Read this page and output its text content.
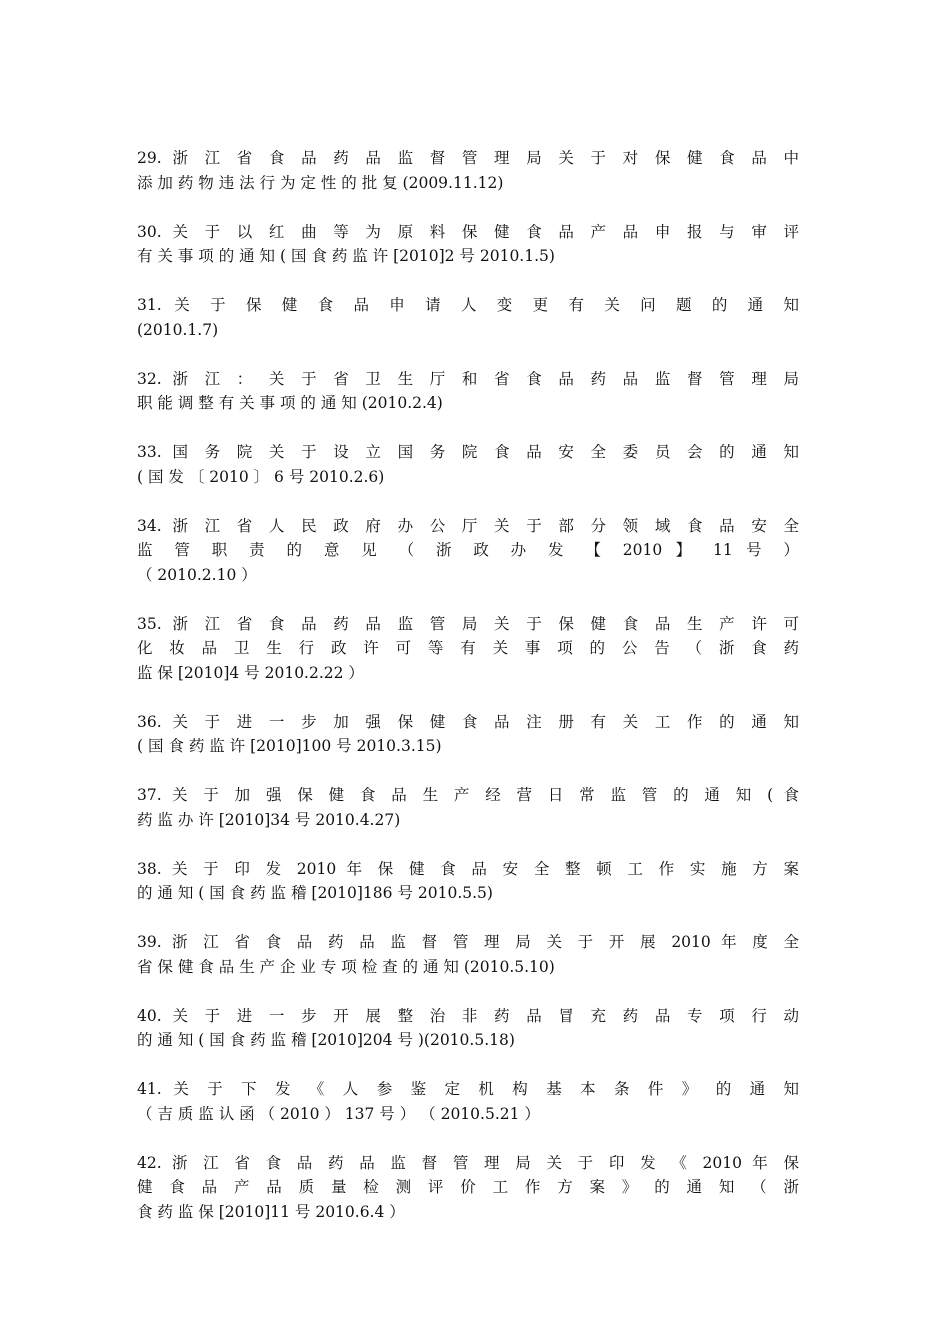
29. 浙 江 省 食 品 药 品 监 督 管 理 局 关 于 对 保 健 食 品 中
添 加 药 物 违 法 行 为 定 性 的 批 复 (2009.11.12)
30. 关 于 以 红 曲 等 为 原 料 保 健 食 品 产 品 申 报 与 审 评
有 关 事 项 的 通 知 ( 国 食 药 监 许 [2010]2 号 2010.1.5)
31. 关 于 保 健 食 品 申 请 人 变 更 有 关 问 题 的 通 知
(2010.1.7)
32. 浙 江 ： 关 于 省 卫 生 厅 和 省 食 品 药 品 监 督 管 理 局
职 能 调 整 有 关 事 项 的 通 知 (2010.2.4)
33. 国 务 院 关 于 设 立 国 务 院 食 品 安 全 委 员 会 的 通 知
( 国 发 〔 2010 〕 6 号 2010.2.6)
34. 浙 江 省 人 民 政 府 办 公 厅 关 于 部 分 领 域 食 品 安 全
监 管 职 责 的 意 见 （ 浙 政 办 发 【 2010 】 11 号 ）
（ 2010.2.10 ）
35. 浙 江 省 食 品 药 品 监 管 局 关 于 保 健 食 品 生 产 许 可
化 妆 品 卫 生 行 政 许 可 等 有 关 事 项 的 公 告 （ 浙 食 药
监 保 [2010]4 号 2010.2.22 ）
36. 关 于 进 一 步 加 强 保 健 食 品 注 册 有 关 工 作 的 通 知
( 国 食 药 监 许 [2010]100 号 2010.3.15)
37. 关 于 加 强 保 健 食 品 生 产 经 营 日 常 监 管 的 通 知 ( 食
药 监 办 许 [2010]34 号 2010.4.27)
38. 关 于 印 发 2010 年 保 健 食 品 安 全 整 顿 工 作 实 施 方 案
的 通 知 ( 国 食 药 监 稽 [2010]186 号 2010.5.5)
39. 浙 江 省 食 品 药 品 监 督 管 理 局 关 于 开 展 2010 年 度 全
省 保 健 食 品 生 产 企 业 专 项 检 查 的 通 知 (2010.5.10)
40. 关 于 进 一 步 开 展 整 治 非 药 品 冒 充 药 品 专 项 行 动
的 通 知 ( 国 食 药 监 稽 [2010]204 号 )(2010.5.18)
41. 关 于 下 发 《 人 参 鉴 定 机 构 基 本 条 件 》 的 通 知
（ 吉 质 监 认 函 （ 2010 ） 137 号 ） （ 2010.5.21 ）
42. 浙 江 省 食 品 药 品 监 督 管 理 局 关 于 印 发 《 2010 年 保
健 食 品 产 品 质 量 检 测 评 价 工 作 方 案 》 的 通 知 （ 浙
食 药 监 保 [2010]11 号 2010.6.4 ）
